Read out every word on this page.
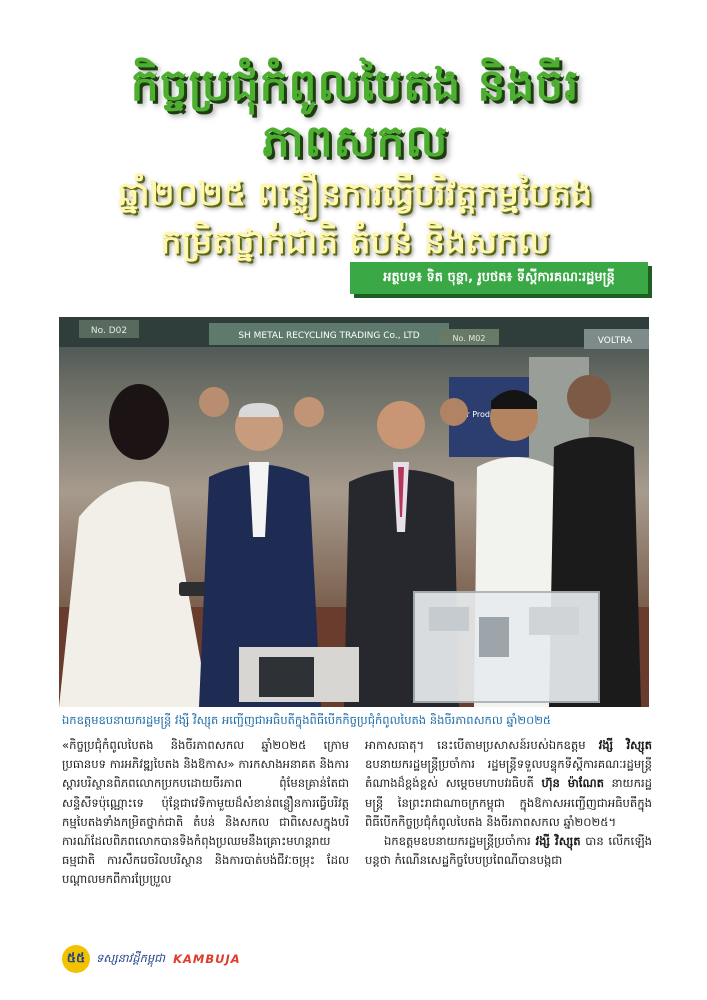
កិច្ចប្រជុំកំពូលបៃតង និងចីរភាពសកល
ឆ្នាំ២០២៥ ពន្លឿនការធ្វើបរិវត្តកម្មបៃតង
កម្រិតថ្នាក់ជាតិ តំបន់ និងសកល
អត្ថបទ៖ ទិត ចុន្ថា, រូបថត៖ ទីស្តីការគណៈរដ្ឋមន្ត្រី
No. D02	SH METAL RECYCLING TRADING Co., LTD	No. M02	VOLTRA
Products
ឯកឧត្តមឧបនាយករដ្ឋមន្ត្រី វង្សី វិស្សុត អញ្ជើញជាអធិបតីក្នុងពិធីបើកកិច្ចប្រជុំកំពូលបៃតង និងចីរភាពសកល ឆ្នាំ២០២៥

«កិច្ចប្រជុំកំពូលបៃតង និងចីរភាពសកល ឆ្នាំ២០២៥ ក្រោមប្រធានបទ ការអភិវឌ្ឍបៃតង និងឱកាស» ការកសាងអនាគត និងការស្តារបរិស្ថានពិភពលោកប្រកបដោយចីរភាព ពុំមែនគ្រាន់តែជាសន្ទិសីទប៉ុណ្ណោះទេ ប៉ុន្តែជាវេទិកាមួយដ៏សំខាន់ពន្លឿនការធ្វើបរិវត្តកម្មបៃតងទាំងកម្រិតថ្នាក់ជាតិ តំបន់ និងសកល ជាពិសេសក្នុងបរិការណ៍ដែលពិភពលោកបានទិងកំពុងប្រឈមនឹងគ្រោះមហន្តរាយធម្មជាតិ ការសឹករេចរិលបរិស្ថាន និងការបាត់បង់ជីវៈចម្រុះ ដែលបណ្តាលមកពីការប្រែប្រួល

អាកាសធាតុ។ នេះបើតាមប្រសាសន៍របស់ឯកឧត្តម វង្សី វិស្សុត ឧបនាយករដ្ឋមន្ត្រីប្រចាំការ រដ្ឋមន្ត្រីទទួលបន្ទុកទីស្តីការគណៈរដ្ឋមន្ត្រី តំណាងដ៏ខ្ពង់ខ្ពស់ សម្តេចមហាបវរធិបតី ហ៊ុន ម៉ាណែត នាយករដ្ឋមន្ត្រី នៃព្រះរាជាណាចក្រកម្ពុជា ក្នុងឱកាសអញ្ជើញជាអធិបតីក្នុងពិធីបើកកិច្ចប្រជុំកំពូលបៃតង និងចីរភាពសកល ឆ្នាំ២០២៥។

ឯកឧត្តមឧបនាយករដ្ឋមន្ត្រីប្រចាំការ វង្សី វិស្សុត បាន លើកឡើងបន្តថា កំណើនសេដ្ឋកិច្ចបែបប្រពៃណីបានបង្កជា

៥៥ ទស្សនាវដ្តីកម្ពុជា KAMBUJA
